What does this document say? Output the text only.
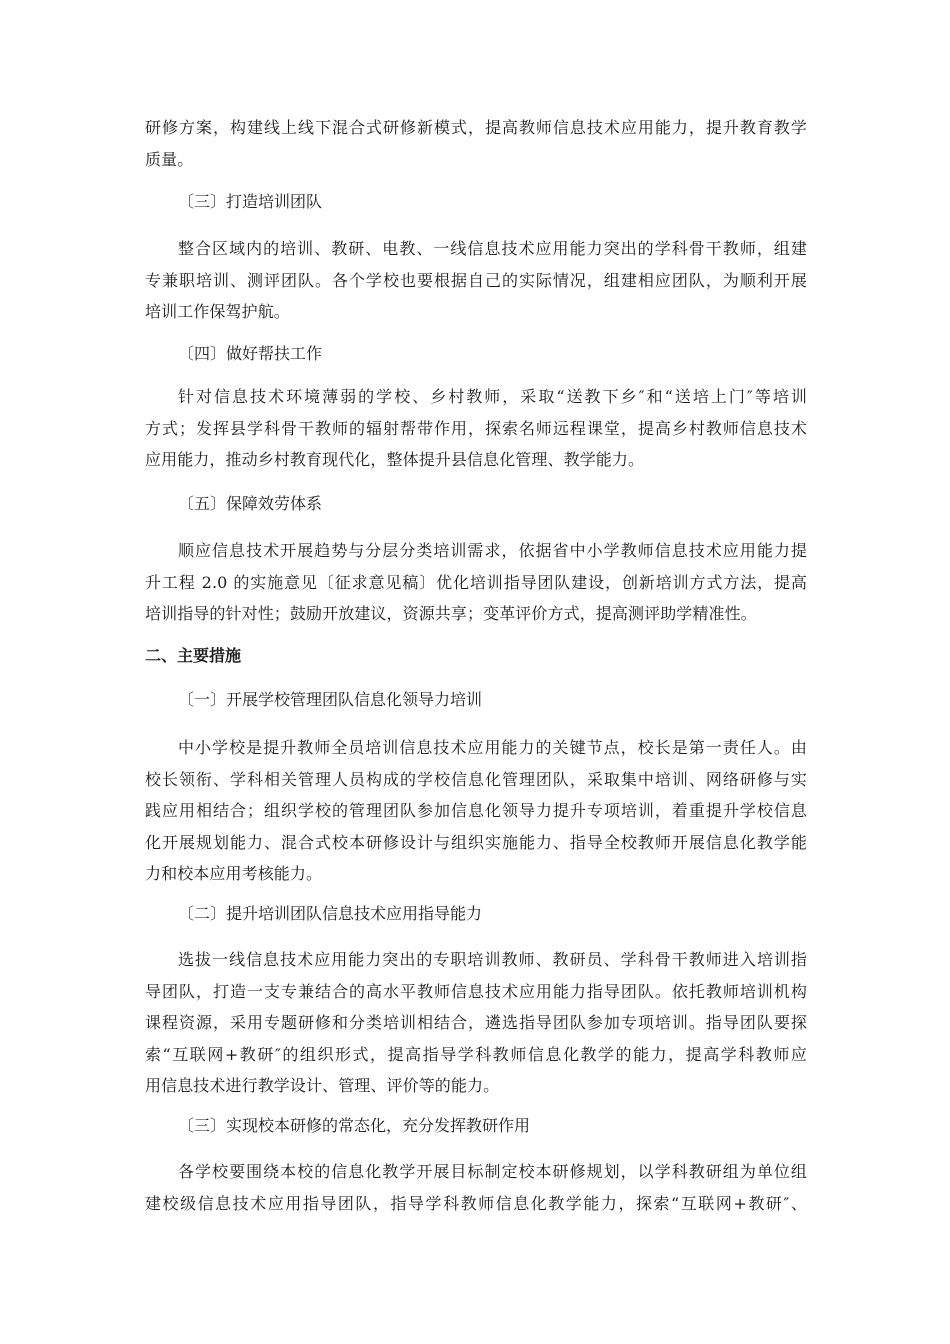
研修方案，构建线上线下混合式研修新模式，提高教师信息技术应用能力，提升教育教学
质量。
〔三〕打造培训团队
整合区域内的培训、教研、电教、一线信息技术应用能力突出的学科骨干教师，组建
专兼职培训、测评团队。各个学校也要根据自己的实际情况，组建相应团队，为顺利开展
培训工作保驾护航。
〔四〕做好帮扶工作
针对信息技术环境薄弱的学校、乡村教师，采取“送教下乡″和“送培上门″等培训
方式；发挥县学科骨干教师的辐射帮带作用，探索名师远程课堂，提高乡村教师信息技术
应用能力，推动乡村教育现代化，整体提升县信息化管理、教学能力。
〔五〕保障效劳体系
顺应信息技术开展趋势与分层分类培训需求，依据省中小学教师信息技术应用能力提
升工程 2.0 的实施意见〔征求意见稿〕优化培训指导团队建设，创新培训方式方法，提高
培训指导的针对性；鼓励开放建议，资源共享；变革评价方式，提高测评助学精准性。
二、主要措施
〔一〕开展学校管理团队信息化领导力培训
中小学校是提升教师全员培训信息技术应用能力的关键节点，校长是第一责任人。由
校长领衔、学科相关管理人员构成的学校信息化管理团队，采取集中培训、网络研修与实
践应用相结合；组织学校的管理团队参加信息化领导力提升专项培训，着重提升学校信息
化开展规划能力、混合式校本研修设计与组织实施能力、指导全校教师开展信息化教学能
力和校本应用考核能力。
〔二〕提升培训团队信息技术应用指导能力
选拔一线信息技术应用能力突出的专职培训教师、教研员、学科骨干教师进入培训指
导团队，打造一支专兼结合的高水平教师信息技术应用能力指导团队。依托教师培训机构
课程资源，采用专题研修和分类培训相结合，遴选指导团队参加专项培训。指导团队要探
索“互联网+教研″的组织形式，提高指导学科教师信息化教学的能力，提高学科教师应
用信息技术进行教学设计、管理、评价等的能力。
〔三〕实现校本研修的常态化，充分发挥教研作用
各学校要围绕本校的信息化教学开展目标制定校本研修规划，以学科教研组为单位组
建校级信息技术应用指导团队，指导学科教师信息化教学能力，探索“互联网+教研″、
